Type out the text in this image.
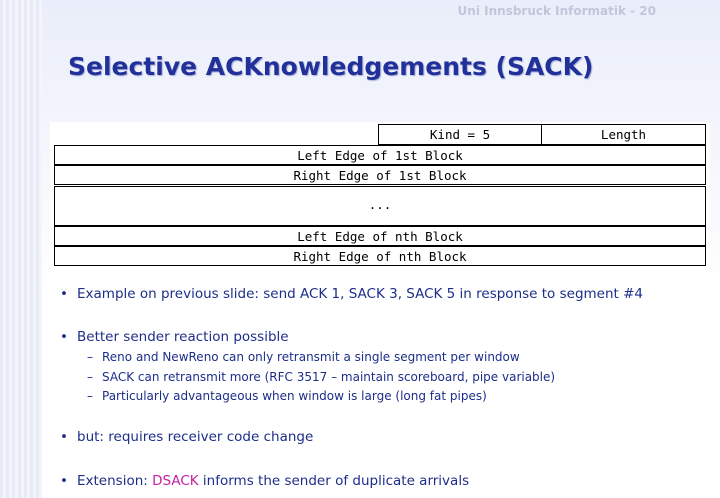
Uni Innsbruck Informatik - 20
Selective ACKnowledgements (SACK)
Kind = 5	Length
Left Edge of 1st Block
Right Edge of 1st Block
...
Left Edge of nth Block
Right Edge of nth Block
• Example on previous slide: send ACK 1, SACK 3, SACK 5 in response to segment #4
• Better sender reaction possible
– Reno and NewReno can only retransmit a single segment per window
– SACK can retransmit more (RFC 3517 – maintain scoreboard, pipe variable)
– Particularly advantageous when window is large (long fat pipes)
• but: requires receiver code change
• Extension: DSACK informs the sender of duplicate arrivals
